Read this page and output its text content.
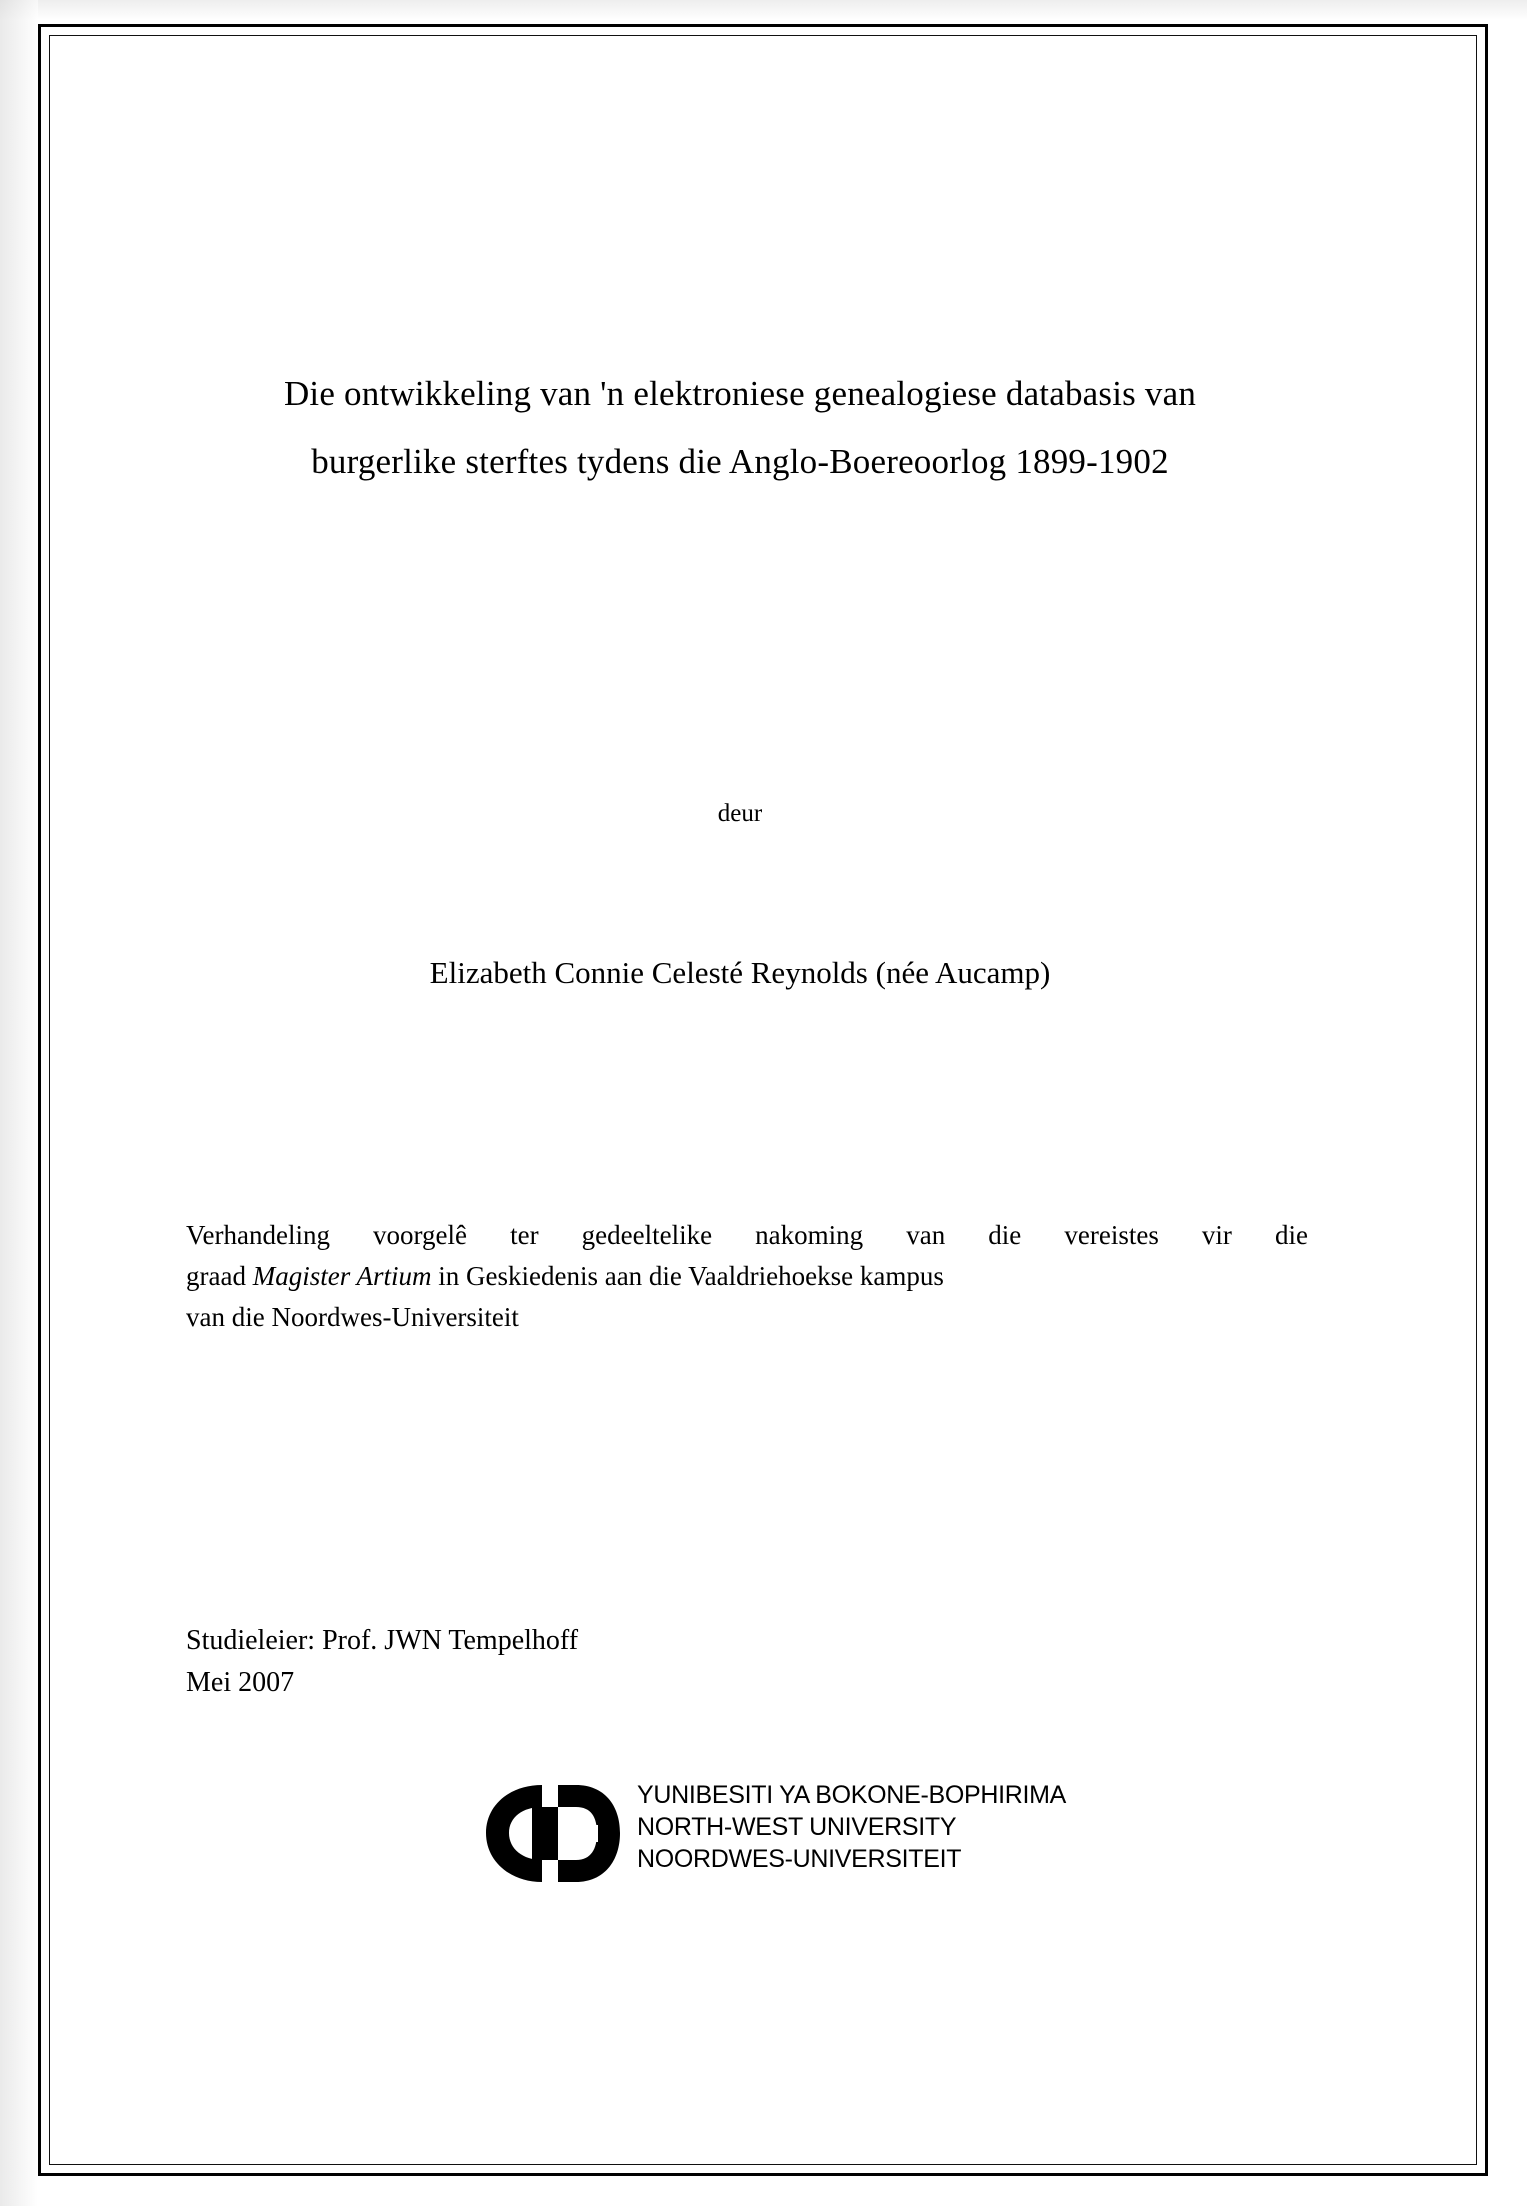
Die ontwikkeling van 'n elektroniese genealogiese databasis van
burgerlike sterftes tydens die Anglo-Boereoorlog 1899-1902
deur
Elizabeth Connie Celesté Reynolds (née Aucamp)
Verhandeling voorgelê ter gedeeltelike nakoming van die vereistes vir die
graad Magister Artium in Geskiedenis aan die Vaaldriehoekse kampus
van die Noordwes-Universiteit
Studieleier: Prof. JWN Tempelhoff
Mei 2007
YUNIBESITI YA BOKONE-BOPHIRIMA
NORTH-WEST UNIVERSITY
NOORDWES-UNIVERSITEIT
